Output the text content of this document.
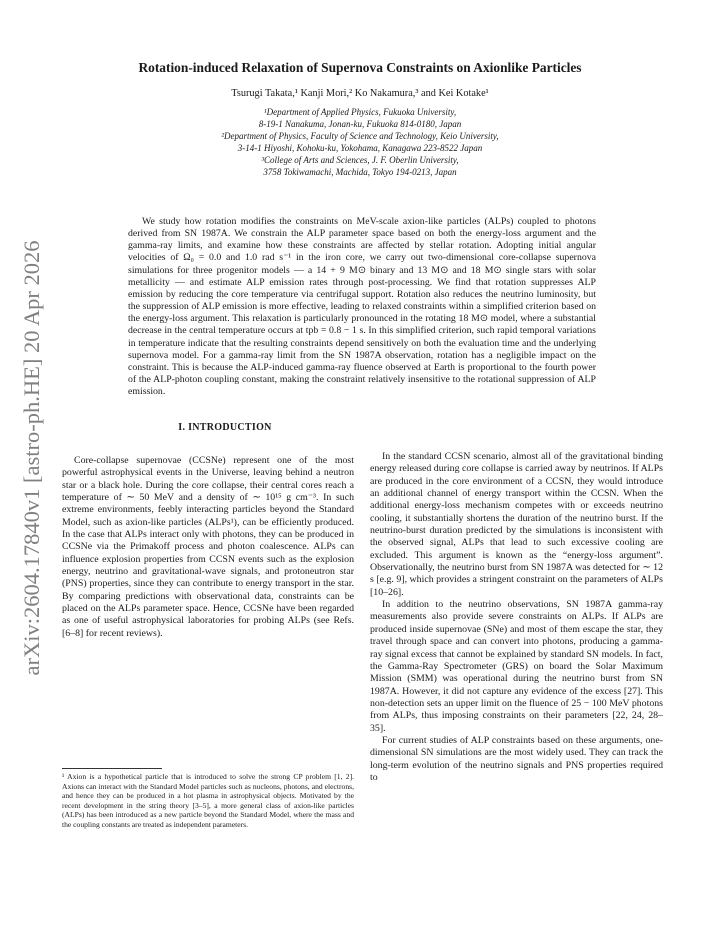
arXiv:2604.17840v1 [astro-ph.HE] 20 Apr 2026
Rotation-induced Relaxation of Supernova Constraints on Axionlike Particles
Tsurugi Takata,¹ Kanji Mori,² Ko Nakamura,³ and Kei Kotake¹
¹Department of Applied Physics, Fukuoka University,
8-19-1 Nanakuma, Jonan-ku, Fukuoka 814-0180, Japan
²Department of Physics, Faculty of Science and Technology, Keio University,
3-14-1 Hiyoshi, Kohoku-ku, Yokohama, Kanagawa 223-8522 Japan
³College of Arts and Sciences, J. F. Oberlin University,
3758 Tokiwamachi, Machida, Tokyo 194-0213, Japan
We study how rotation modifies the constraints on MeV-scale axion-like particles (ALPs) coupled to photons derived from SN 1987A. We constrain the ALP parameter space based on both the energy-loss argument and the gamma-ray limits, and examine how these constraints are affected by stellar rotation. Adopting initial angular velocities of Ω₀ = 0.0 and 1.0 rad s⁻¹ in the iron core, we carry out two-dimensional core-collapse supernova simulations for three progenitor models — a 14 + 9 M⊙ binary and 13 M⊙ and 18 M⊙ single stars with solar metallicity — and estimate ALP emission rates through post-processing. We find that rotation suppresses ALP emission by reducing the core temperature via centrifugal support. Rotation also reduces the neutrino luminosity, but the suppression of ALP emission is more effective, leading to relaxed constraints within a simplified criterion based on the energy-loss argument. This relaxation is particularly pronounced in the rotating 18 M⊙ model, where a substantial decrease in the central temperature occurs at tpb = 0.8 − 1 s. In this simplified criterion, such rapid temporal variations in temperature indicate that the resulting constraints depend sensitively on both the evaluation time and the underlying supernova model. For a gamma-ray limit from the SN 1987A observation, rotation has a negligible impact on the constraint. This is because the ALP-induced gamma-ray fluence observed at Earth is proportional to the fourth power of the ALP-photon coupling constant, making the constraint relatively insensitive to the rotational suppression of ALP emission.
I. INTRODUCTION

Core-collapse supernovae (CCSNe) represent one of the most powerful astrophysical events in the Universe, leaving behind a neutron star or a black hole. During the core collapse, their central cores reach a temperature of ∼ 50 MeV and a density of ∼ 10¹⁵ g cm⁻³. In such extreme environments, feebly interacting particles beyond the Standard Model, such as axion-like particles (ALPs¹), can be efficiently produced. In the case that ALPs interact only with photons, they can be produced in CCSNe via the Primakoff process and photon coalescence. ALPs can influence explosion properties from CCSN events such as the explosion energy, neutrino and gravitational-wave signals, and protoneutron star (PNS) properties, since they can contribute to energy transport in the star. By comparing predictions with observational data, constraints can be placed on the ALPs parameter space. Hence, CCSNe have been regarded as one of useful astrophysical laboratories for probing ALPs (see Refs. [6–8] for recent reviews).

¹ Axion is a hypothetical particle that is introduced to solve the strong CP problem [1, 2]. Axions can interact with the Standard Model particles such as nucleons, photons, and electrons, and hence they can be produced in a hot plasma in astrophysical objects. Motivated by the recent development in the string theory [3–5], a more general class of axion-like particles (ALPs) has been introduced as a new particle beyond the Standard Model, where the mass and the coupling constants are treated as independent parameters.

In the standard CCSN scenario, almost all of the gravitational binding energy released during core collapse is carried away by neutrinos. If ALPs are produced in the core environment of a CCSN, they would introduce an additional channel of energy transport within the CCSN. When the additional energy-loss mechanism competes with or exceeds neutrino cooling, it substantially shortens the duration of the neutrino burst. If the neutrino-burst duration predicted by the simulations is inconsistent with the observed signal, ALPs that lead to such excessive cooling are excluded. This argument is known as the “energy-loss argument”. Observationally, the neutrino burst from SN 1987A was detected for ∼ 12 s [e.g. 9], which provides a stringent constraint on the parameters of ALPs [10–26].

In addition to the neutrino observations, SN 1987A gamma-ray measurements also provide severe constraints on ALPs. If ALPs are produced inside supernovae (SNe) and most of them escape the star, they travel through space and can convert into photons, producing a gamma-ray signal excess that cannot be explained by standard SN models. In fact, the Gamma-Ray Spectrometer (GRS) on board the Solar Maximum Mission (SMM) was operational during the neutrino burst from SN 1987A. However, it did not capture any evidence of the excess [27]. This non-detection sets an upper limit on the fluence of 25 − 100 MeV photons from ALPs, thus imposing constraints on their parameters [22, 24, 28–35].

For current studies of ALP constraints based on these arguments, one-dimensional SN simulations are the most widely used. They can track the long-term evolution of the neutrino signals and PNS properties required to
